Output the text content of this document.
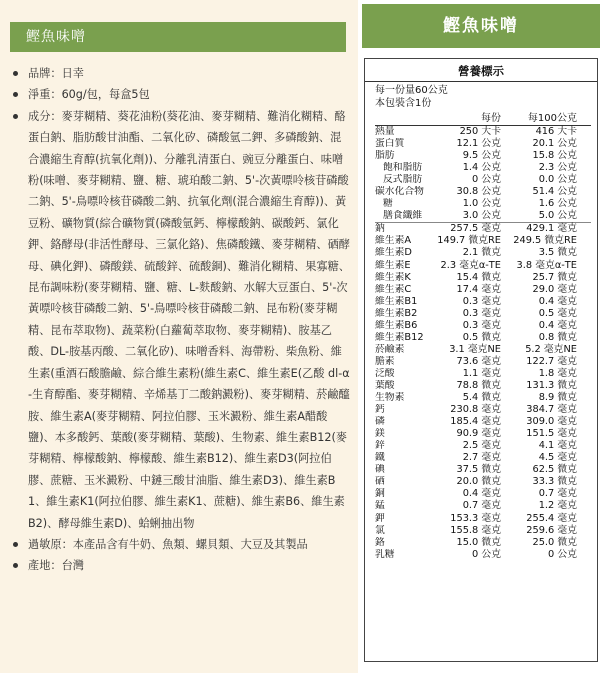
鰹魚味噌
品牌：日幸
淨重：60g/包，每盒5包
成分：麥芽糊精、葵花油粉(葵花油、麥芽糊精、難消化糊精、酪蛋白鈉、脂肪酸甘油酯、二氧化矽、磷酸氫二鉀、多磷酸鈉、混合濃縮生育醇(抗氧化劑))、分離乳清蛋白、豌豆分離蛋白、味噌粉(味噌、麥芽糊精、鹽、糖、琥珀酸二鈉、5'-次黃嘌呤核苷磷酸二鈉、5'-鳥嘌呤核苷磷酸二鈉、抗氧化劑(混合濃縮生育醇))、黃豆粉、礦物質(綜合礦物質(磷酸氫鈣、檸檬酸鈉、碳酸鈣、氯化鉀、鉻酵母(非活性酵母、三氯化鉻)、焦磷酸鐵、麥芽糊精、硒酵母、碘化鉀)、磷酸鎂、硫酸鋅、硫酸銅)、難消化糊精、果寡糖、昆布調味粉(麥芽糊精、鹽、糖、L-麩酸鈉、水解大豆蛋白、5'-次黃嘌呤核苷磷酸二鈉、5'-鳥嘌呤核苷磷酸二鈉、昆布粉(麥芽糊精、昆布萃取物)、蔬菜粉(白蘿蔔萃取物、麥芽糊精)、胺基乙酸、DL-胺基丙酸、二氧化矽)、味噌香料、海帶粉、柴魚粉、維生素(重酒石酸膽鹼、綜合維生素粉(維生素C、維生素E(乙酸 dl-α-生育醇酯、麥芽糊精、辛烯基丁二酸鈉澱粉)、麥芽糊精、菸鹼醯胺、維生素A(麥芽糊精、阿拉伯膠、玉米澱粉、維生素A醋酸鹽)、本多酸鈣、葉酸(麥芽糊精、葉酸)、生物素、維生素B12(麥芽糊精、檸檬酸鈉、檸檬酸、維生素B12)、維生素D3(阿拉伯膠、蔗糖、玉米澱粉、中鏈三酸甘油脂、維生素D3)、維生素B1、維生素K1(阿拉伯膠、維生素K1、蔗糖)、維生素B6、維生素B2)、酵母維生素D)、蛤蜊抽出物
過敏原：本產品含有牛奶、魚類、螺貝類、大豆及其製品
產地：台灣
鰹魚味噌
營養標示
每一份量60公克
本包裝含1份
每份	每100公克
熱量	250 大卡	416 大卡
蛋白質	12.1 公克	20.1 公克
脂肪	9.5 公克	15.8 公克
飽和脂肪	1.4 公克	2.3 公克
反式脂肪	0 公克	0.0 公克
碳水化合物	30.8 公克	51.4 公克
糖	1.0 公克	1.6 公克
膳食纖維	3.0 公克	5.0 公克
鈉	257.5 毫克	429.1 毫克
維生素A	149.7 微克RE	249.5 微克RE
維生素D	2.1 微克	3.5 微克
維生素E	2.3 毫克α-TE	3.8 毫克α-TE
維生素K	15.4 微克	25.7 微克
維生素C	17.4 毫克	29.0 毫克
維生素B1	0.3 毫克	0.4 毫克
維生素B2	0.3 毫克	0.5 毫克
維生素B6	0.3 毫克	0.4 毫克
維生素B12	0.5 微克	0.8 微克
菸鹼素	3.1 毫克NE	5.2 毫克NE
膽素	73.6 毫克	122.7 毫克
泛酸	1.1 毫克	1.8 毫克
葉酸	78.8 微克	131.3 微克
生物素	5.4 微克	8.9 微克
鈣	230.8 毫克	384.7 毫克
磷	185.4 毫克	309.0 毫克
鎂	90.9 毫克	151.5 毫克
鋅	2.5 毫克	4.1 毫克
鐵	2.7 毫克	4.5 毫克
碘	37.5 微克	62.5 微克
硒	20.0 微克	33.3 微克
銅	0.4 毫克	0.7 毫克
錳	0.7 毫克	1.2 毫克
鉀	153.3 毫克	255.4 毫克
氯	155.8 毫克	259.6 毫克
鉻	15.0 微克	25.0 微克
乳糖	0 公克	0 公克
